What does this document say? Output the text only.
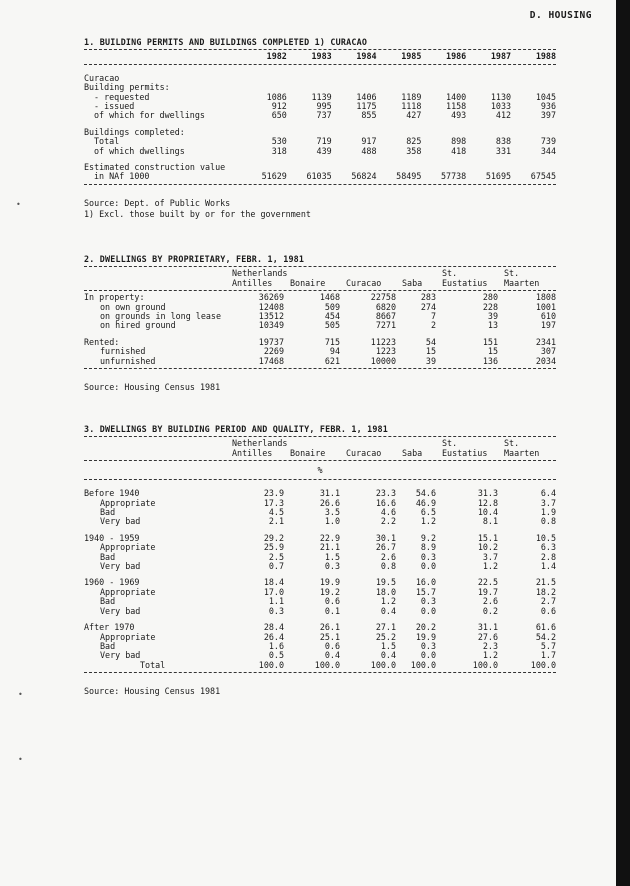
•
•
•
D. HOUSING
1. BUILDING PERMITS AND BUILDINGS COMPLETED 1) CURACAO
	1982	1983	1984	1985	1986	1987	1988

Curacao							
Building permits:							
- requested	1086	1139	1406	1189	1400	1130	1045
- issued	912	995	1175	1118	1158	1033	936
of which for dwellings	650	737	855	427	493	412	397

Buildings completed:							
Total	530	719	917	825	898	838	739
of which dwellings	318	439	488	358	418	331	344

Estimated construction value							
in NAf 1000	51629	61035	56824	58495	57738	51695	67545
Source: Dept. of Public Works
1) Excl. those built by or for the government
2. DWELLINGS BY PROPRIETARY, FEBR. 1, 1981
	Netherlands				St.	St.
	Antilles	Bonaire	Curacao	Saba	Eustatius	Maarten
In property:	36269	1468	22758	283	280	1808
on own ground	12408	509	6820	274	228	1001
on grounds in long lease	13512	454	8667	7	39	610
on hired ground	10349	505	7271	2	13	197

Rented:	19737	715	11223	54	151	2341
furnished	2269	94	1223	15	15	307
unfurnished	17468	621	10000	39	136	2034
Source: Housing Census 1981
3. DWELLINGS BY BUILDING PERIOD AND QUALITY, FEBR. 1, 1981
	Netherlands				St.	St.
	Antilles	Bonaire	Curacao	Saba	Eustatius	Maarten
%

Before 1940	23.9	31.1	23.3	54.6	31.3	6.4
Appropriate	17.3	26.6	16.6	46.9	12.8	3.7
Bad	4.5	3.5	4.6	6.5	10.4	1.9
Very bad	2.1	1.0	2.2	1.2	8.1	0.8

1940 - 1959	29.2	22.9	30.1	9.2	15.1	10.5
Appropriate	25.9	21.1	26.7	8.9	10.2	6.3
Bad	2.5	1.5	2.6	0.3	3.7	2.8
Very bad	0.7	0.3	0.8	0.0	1.2	1.4

1960 - 1969	18.4	19.9	19.5	16.0	22.5	21.5
Appropriate	17.0	19.2	18.0	15.7	19.7	18.2
Bad	1.1	0.6	1.2	0.3	2.6	2.7
Very bad	0.3	0.1	0.4	0.0	0.2	0.6

After 1970	28.4	26.1	27.1	20.2	31.1	61.6
Appropriate	26.4	25.1	25.2	19.9	27.6	54.2
Bad	1.6	0.6	1.5	0.3	2.3	5.7
Very bad	0.5	0.4	0.4	0.0	1.2	1.7
Total	100.0	100.0	100.0	100.0	100.0	100.0
Source: Housing Census 1981
